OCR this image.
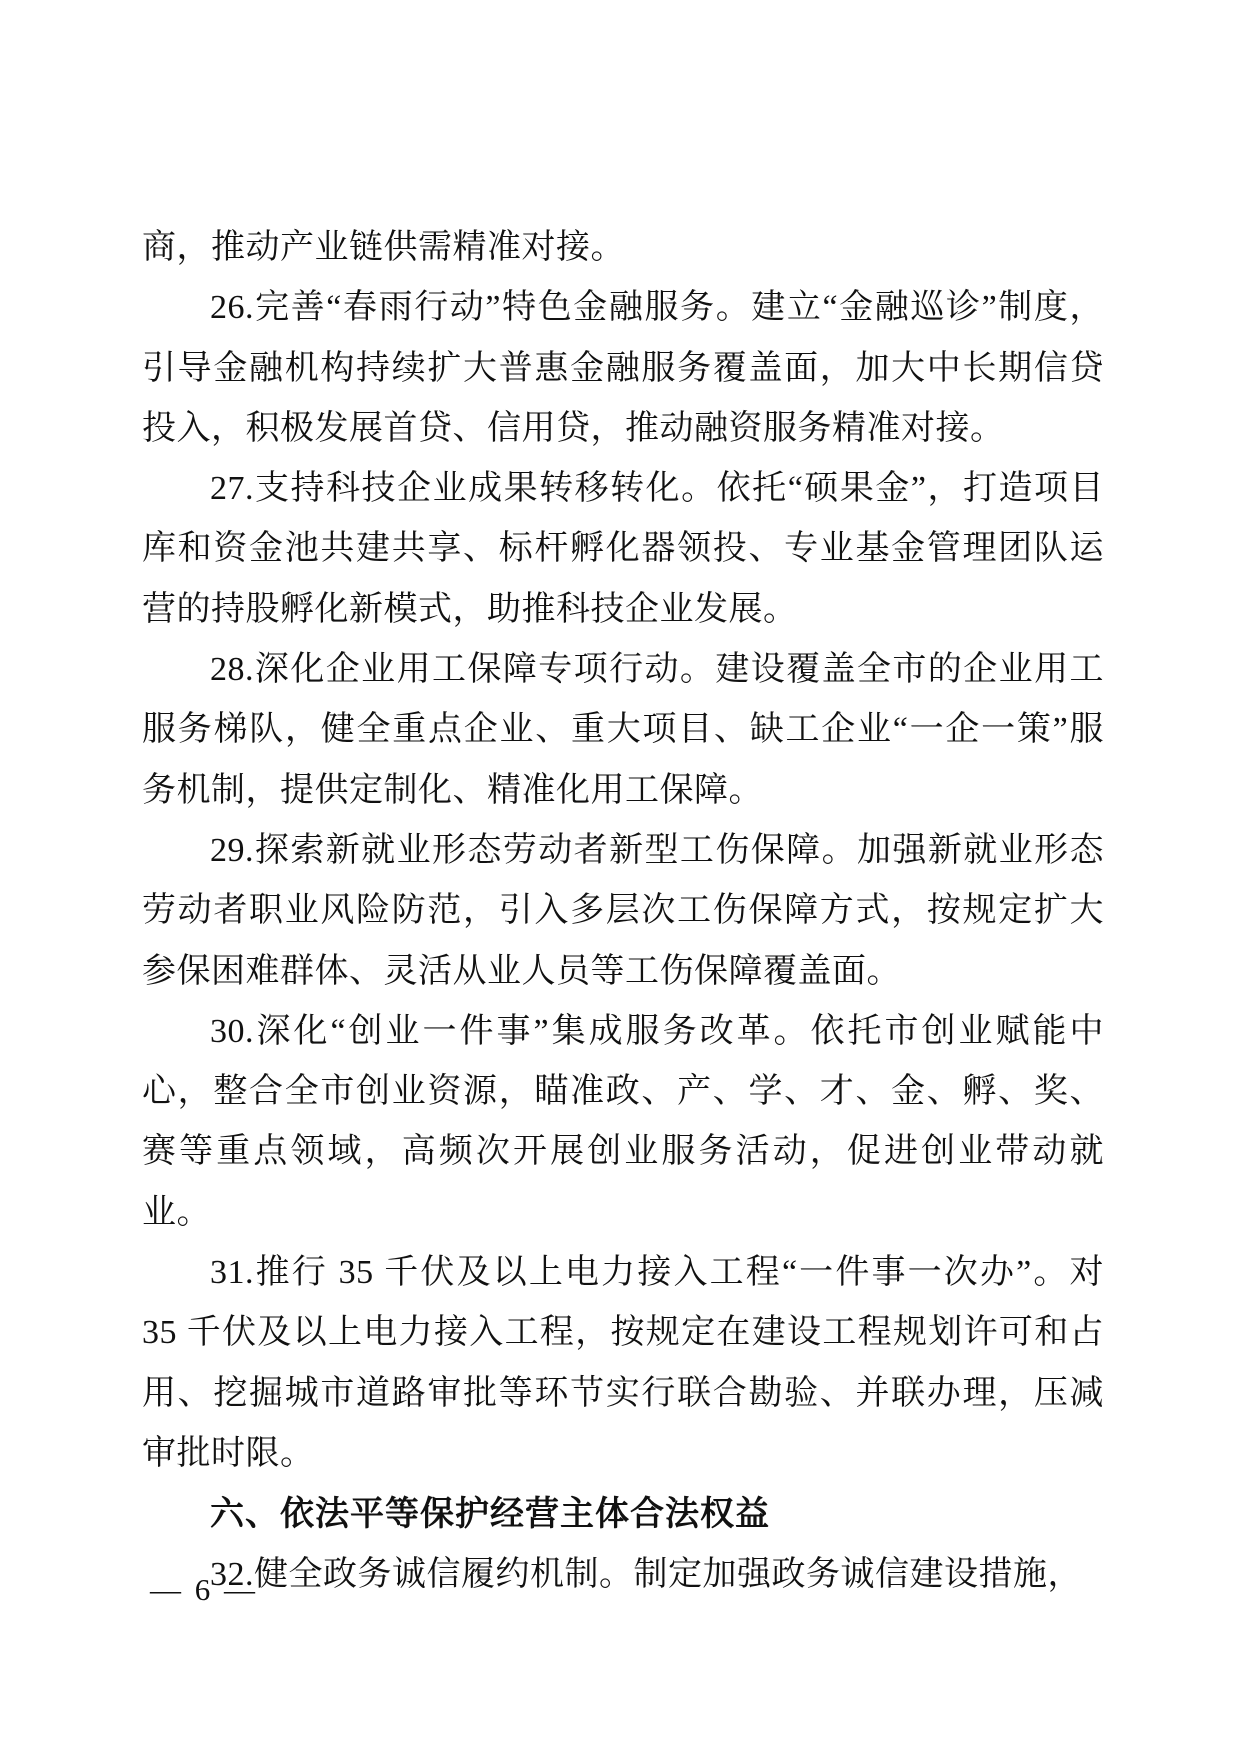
商，推动产业链供需精准对接。

26.完善“春雨行动”特色金融服务。建立“金融巡诊”制度，引导金融机构持续扩大普惠金融服务覆盖面，加大中长期信贷投入，积极发展首贷、信用贷，推动融资服务精准对接。

27.支持科技企业成果转移转化。依托“硕果金”，打造项目库和资金池共建共享、标杆孵化器领投、专业基金管理团队运营的持股孵化新模式，助推科技企业发展。

28.深化企业用工保障专项行动。建设覆盖全市的企业用工服务梯队，健全重点企业、重大项目、缺工企业“一企一策”服务机制，提供定制化、精准化用工保障。

29.探索新就业形态劳动者新型工伤保障。加强新就业形态劳动者职业风险防范，引入多层次工伤保障方式，按规定扩大参保困难群体、灵活从业人员等工伤保障覆盖面。

30.深化“创业一件事”集成服务改革。依托市创业赋能中心，整合全市创业资源，瞄准政、产、学、才、金、孵、奖、赛等重点领域，高频次开展创业服务活动，促进创业带动就业。

31.推行 35 千伏及以上电力接入工程“一件事一次办”。对 35 千伏及以上电力接入工程，按规定在建设工程规划许可和占用、挖掘城市道路审批等环节实行联合勘验、并联办理，压减审批时限。

六、依法平等保护经营主体合法权益

32.健全政务诚信履约机制。制定加强政务诚信建设措施，

— 6 —
